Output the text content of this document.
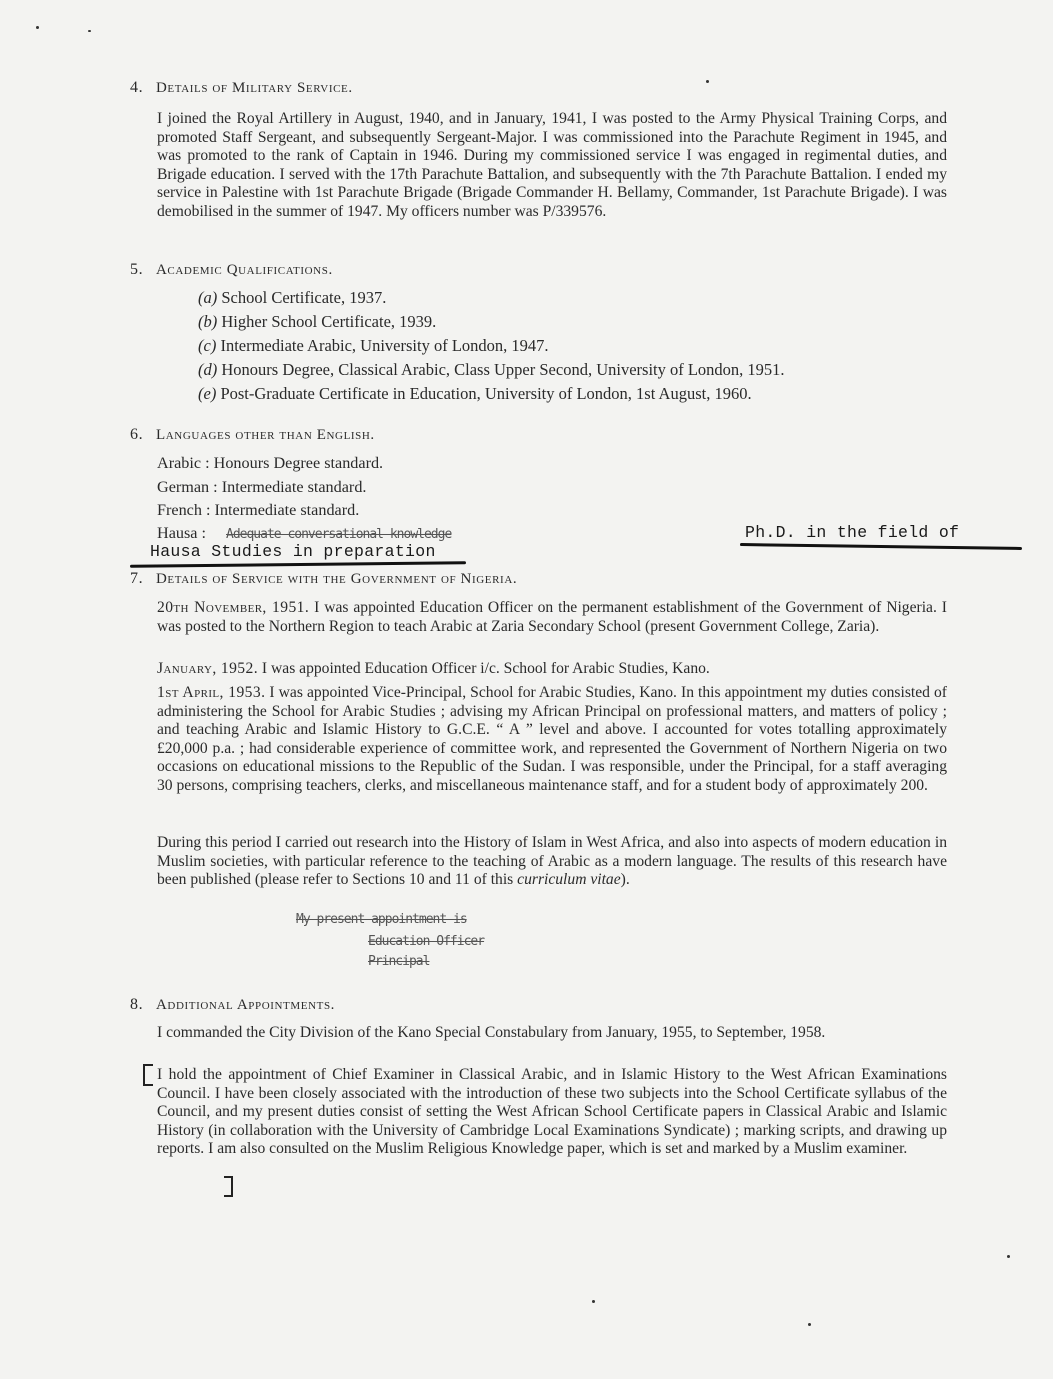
4. Details of Military Service.
I joined the Royal Artillery in August, 1940, and in January, 1941, I was posted to the Army Physical Training Corps, and promoted Staff Sergeant, and subsequently Sergeant-Major. I was commissioned into the Parachute Regiment in 1945, and was promoted to the rank of Captain in 1946. During my commissioned service I was engaged in regimental duties, and Brigade education. I served with the 17th Parachute Battalion, and subsequently with the 7th Parachute Battalion. I ended my service in Palestine with 1st Parachute Brigade (Brigade Commander H. Bellamy, Commander, 1st Parachute Brigade). I was demobilised in the summer of 1947. My officers number was P/339576.
5. Academic Qualifications.
(a) School Certificate, 1937.
(b) Higher School Certificate, 1939.
(c) Intermediate Arabic, University of London, 1947.
(d) Honours Degree, Classical Arabic, Class Upper Second, University of London, 1951.
(e) Post-Graduate Certificate in Education, University of London, 1st August, 1960.
6. Languages other than English.
Arabic : Honours Degree standard.
German : Intermediate standard.
French : Intermediate standard.
Hausa : Adequate conversational knowledge	Ph.D. in the field of
Hausa Studies in preparation
7. Details of Service with the Government of Nigeria.
20th November, 1951. I was appointed Education Officer on the permanent establishment of the Government of Nigeria. I was posted to the Northern Region to teach Arabic at Zaria Secondary School (present Government College, Zaria).
January, 1952. I was appointed Education Officer i/c. School for Arabic Studies, Kano.
1st April, 1953. I was appointed Vice-Principal, School for Arabic Studies, Kano. In this appointment my duties consisted of administering the School for Arabic Studies ; advising my African Principal on professional matters, and matters of policy ; and teaching Arabic and Islamic History to G.C.E. “ A ” level and above. I accounted for votes totalling approximately £20,000 p.a. ; had considerable experience of committee work, and represented the Government of Northern Nigeria on two occasions on educational missions to the Republic of the Sudan. I was responsible, under the Principal, for a staff averaging 30 persons, comprising teachers, clerks, and miscellaneous maintenance staff, and for a student body of approximately 200.
During this period I carried out research into the History of Islam in West Africa, and also into aspects of modern education in Muslim societies, with particular reference to the teaching of Arabic as a modern language. The results of this research have been published (please refer to Sections 10 and 11 of this curriculum vitae).
My present appointment is
Education Officer
Principal
8. Additional Appointments.
I commanded the City Division of the Kano Special Constabulary from January, 1955, to September, 1958.
I hold the appointment of Chief Examiner in Classical Arabic, and in Islamic History to the West African Examinations Council. I have been closely associated with the introduction of these two subjects into the School Certificate syllabus of the Council, and my present duties consist of setting the West African School Certificate papers in Classical Arabic and Islamic History (in collaboration with the University of Cambridge Local Examinations Syndicate) ; marking scripts, and drawing up reports. I am also consulted on the Muslim Religious Knowledge paper, which is set and marked by a Muslim examiner.
